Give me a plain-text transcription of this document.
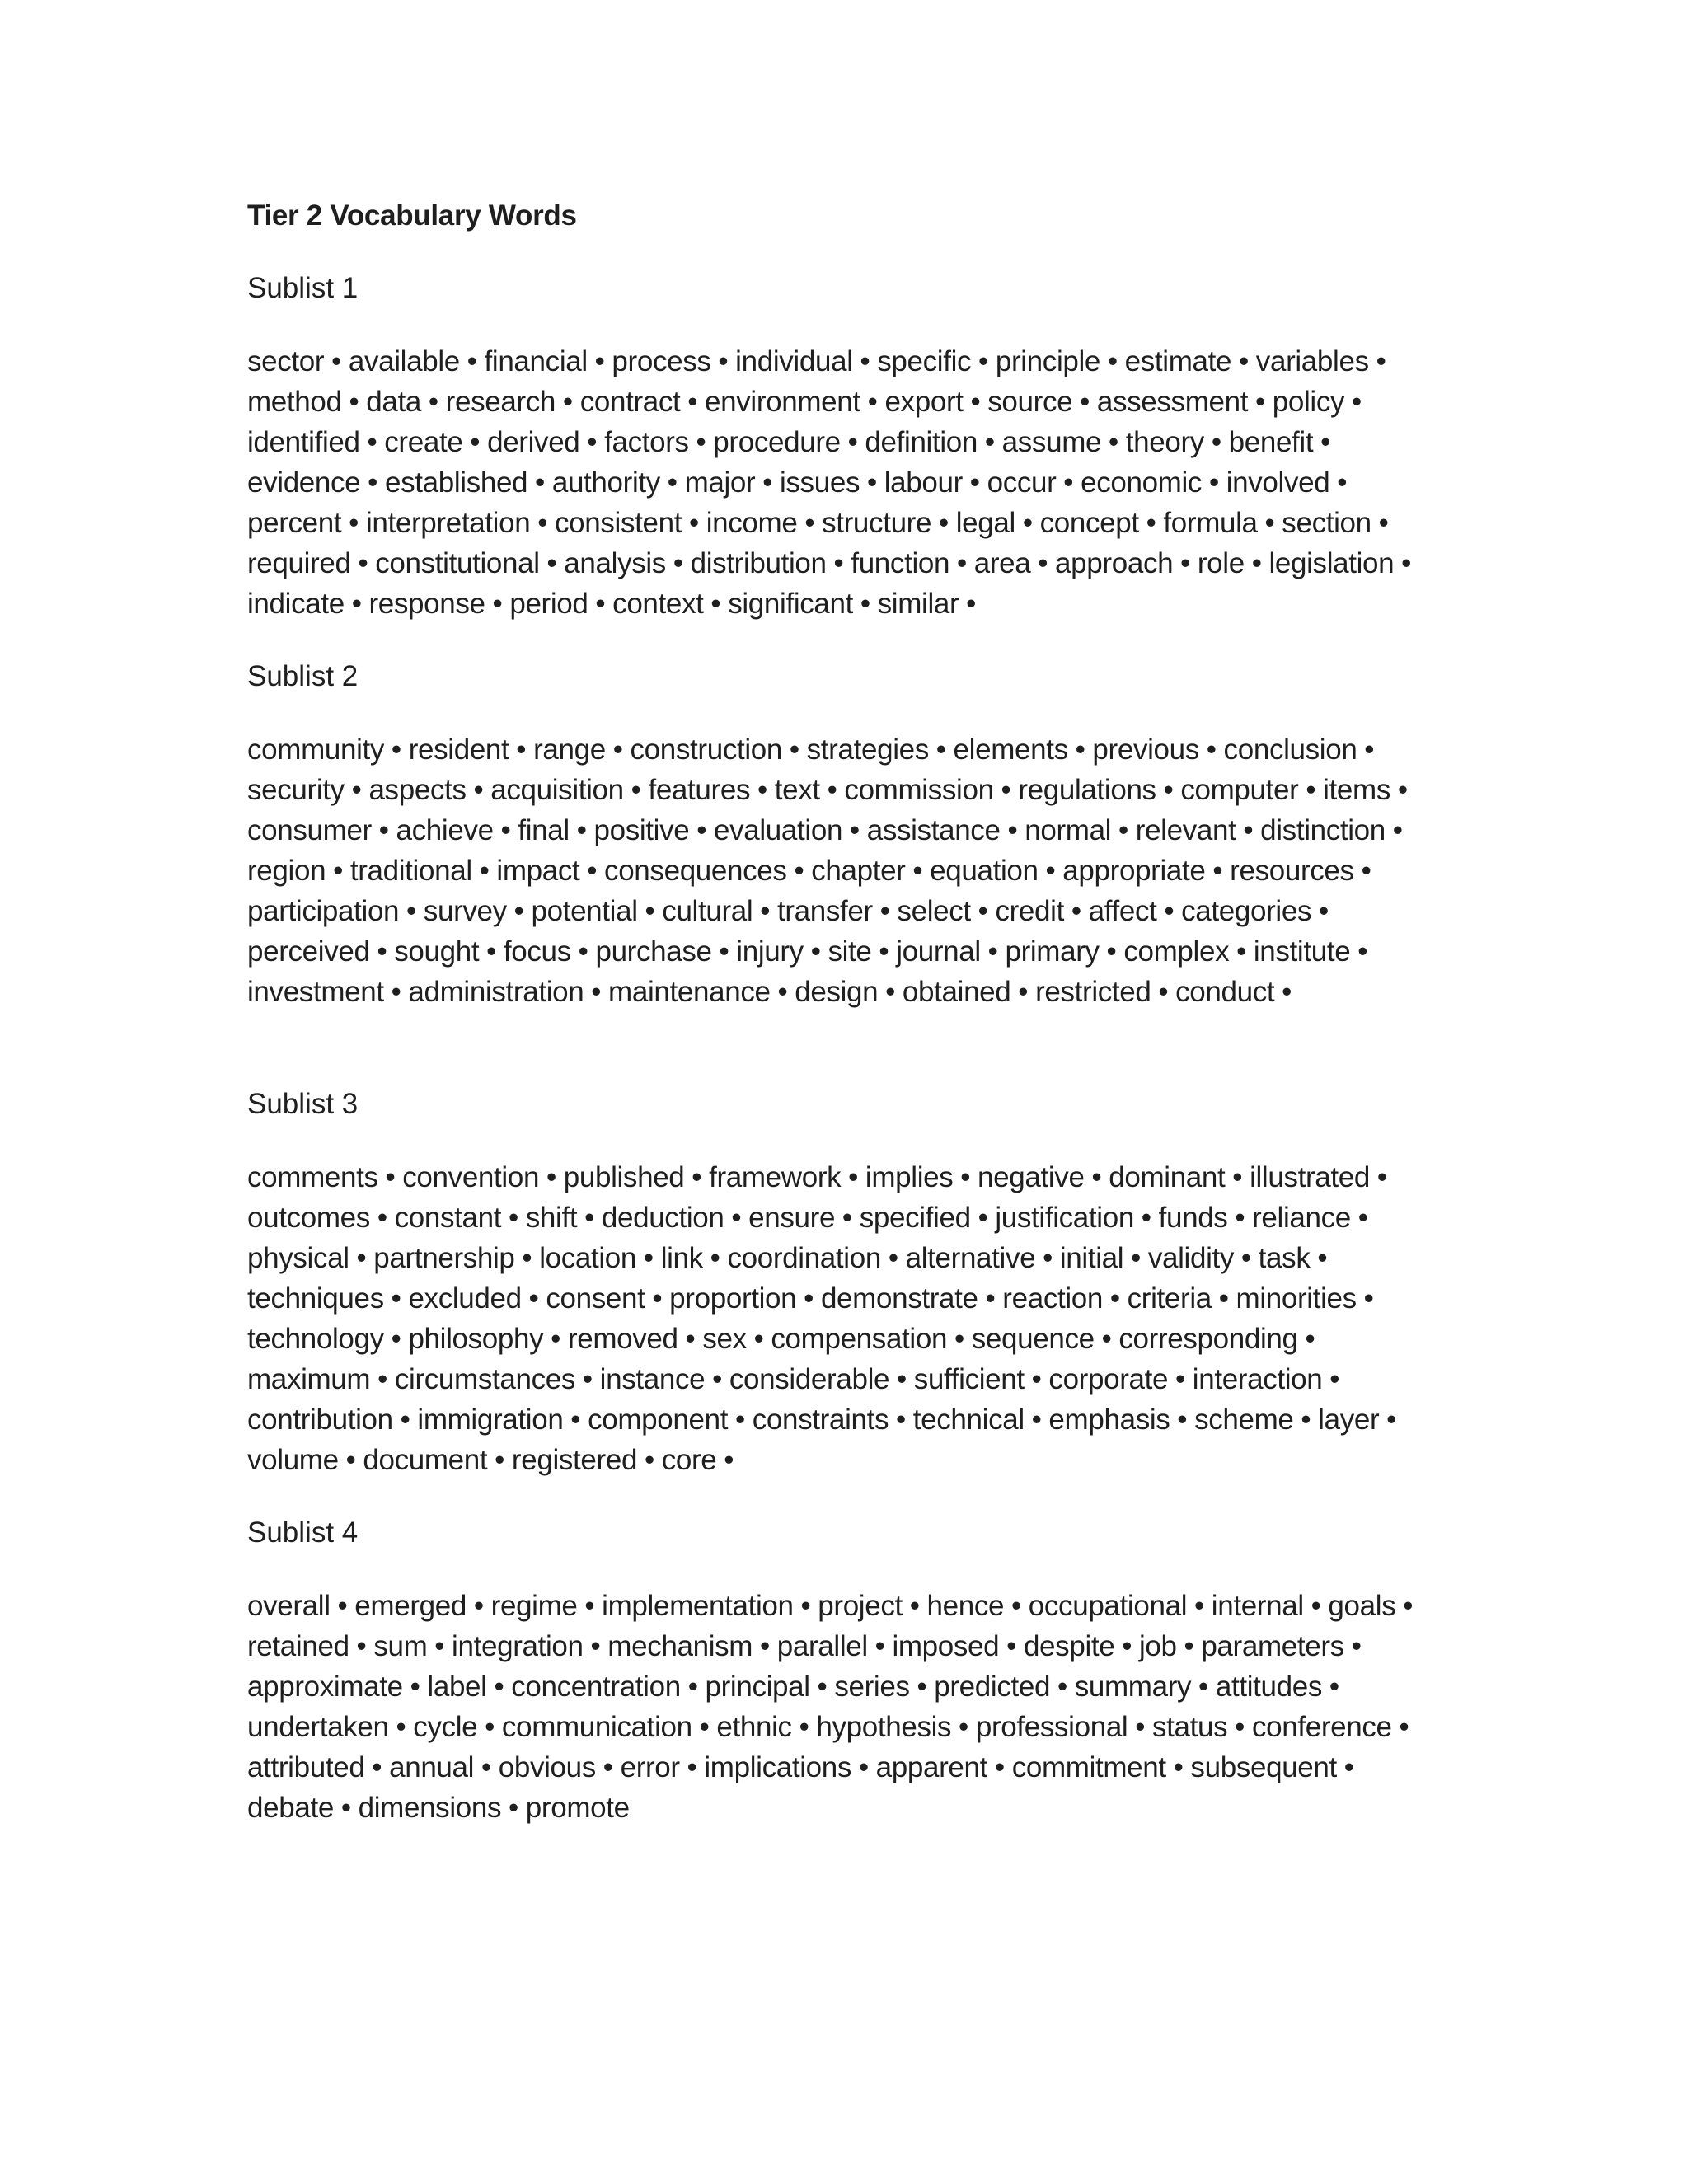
Tier 2 Vocabulary Words
Sublist 1
sector • available • financial • process • individual • specific • principle • estimate • variables • method • data • research • contract • environment • export • source • assessment • policy • identified • create • derived • factors • procedure • definition • assume • theory • benefit • evidence • established • authority • major • issues • labour • occur • economic • involved • percent • interpretation • consistent • income • structure • legal • concept • formula • section • required • constitutional • analysis • distribution • function • area • approach • role • legislation • indicate • response • period • context • significant • similar •
Sublist 2
community • resident • range • construction • strategies • elements • previous • conclusion • security • aspects • acquisition • features • text • commission • regulations • computer • items • consumer • achieve • final • positive • evaluation • assistance • normal • relevant • distinction • region • traditional • impact • consequences • chapter • equation • appropriate • resources • participation • survey • potential • cultural • transfer • select • credit • affect • categories • perceived • sought • focus • purchase • injury • site • journal • primary • complex • institute • investment • administration • maintenance • design • obtained • restricted • conduct •
Sublist 3
comments • convention • published • framework • implies • negative • dominant • illustrated • outcomes • constant • shift • deduction • ensure • specified • justification • funds • reliance • physical • partnership • location • link • coordination • alternative • initial • validity • task • techniques • excluded • consent • proportion • demonstrate • reaction • criteria • minorities • technology • philosophy • removed • sex • compensation • sequence • corresponding • maximum • circumstances • instance • considerable • sufficient • corporate • interaction • contribution • immigration • component • constraints • technical • emphasis • scheme • layer • volume • document • registered • core •
Sublist 4
overall • emerged • regime • implementation • project • hence • occupational • internal • goals • retained • sum • integration • mechanism • parallel • imposed • despite • job • parameters • approximate • label • concentration • principal • series • predicted • summary • attitudes • undertaken • cycle • communication • ethnic • hypothesis • professional • status • conference • attributed • annual • obvious • error • implications • apparent • commitment • subsequent • debate • dimensions • promote
